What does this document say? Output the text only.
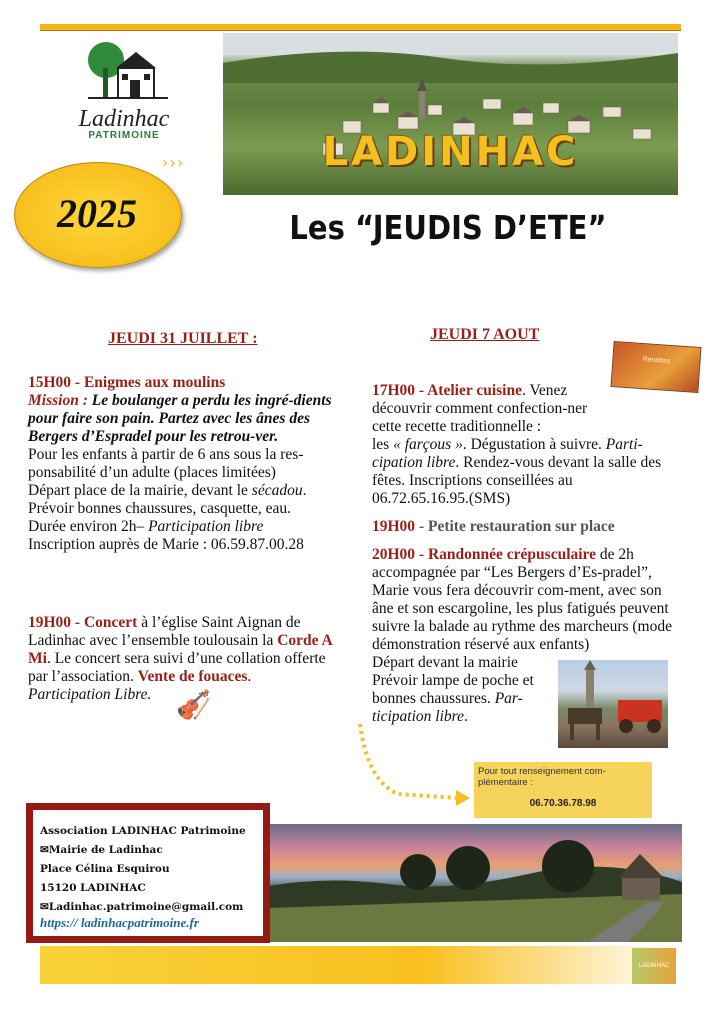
Ladinhac
PATRIMOINE	LADINHAC
› › ›
2025	Les “JEUDIS D’ETE”
JEUDI 31 JUILLET :

15H00 - Enigmes aux moulins

Mission : Le boulanger a perdu les ingré-dients pour faire son pain. Partez avec les ânes des Bergers d’Espradel pour les retrou-ver.

Pour les enfants à partir de 6 ans sous la res-ponsabilité d’un adulte (places limitées)

Départ place de la mairie, devant le sécadou.

Prévoir bonnes chaussures, casquette, eau.

Durée environ 2h– Participation libre

Inscription auprès de Marie : 06.59.87.00.28

19H00 - Concert à l’église Saint Aignan de Ladinhac avec l’ensemble toulousain la Corde A Mi. Le concert sera suivi d’une collation offerte par l’association. Vente de fouaces.

Participation Libre. 🎻
JEUDI 7 AOUT
Recettes

17H00 - Atelier cuisine. Venez découvrir comment confection-ner cette recette traditionnelle :

les « farçous ». Dégustation à suivre. Parti-cipation libre. Rendez-vous devant la salle des fêtes. Inscriptions conseillées au 06.72.65.16.95.(SMS)

19H00 - Petite restauration sur place

20H00 - Randonnée crépusculaire de 2h accompagnée par “Les Bergers d’Es-pradel”, Marie vous fera découvrir com-ment, avec son âne et son escargoline, les plus fatigués peuvent suivre la balade au rythme des marcheurs (mode démonstration réservé aux enfants)

Départ devant la mairie

Prévoir lampe de poche et bonnes chaussures. Par-ticipation libre.

Pour tout renseignement com-plémentaire :
06.70.36.78.98
Association LADINHAC Patrimoine
✉Mairie de Ladinhac
Place Célina Esquirou
15120 LADINHAC
✉Ladinhac.patrimoine@gmail.com
https:// ladinhacpatrimoine.fr
LADINHAC
